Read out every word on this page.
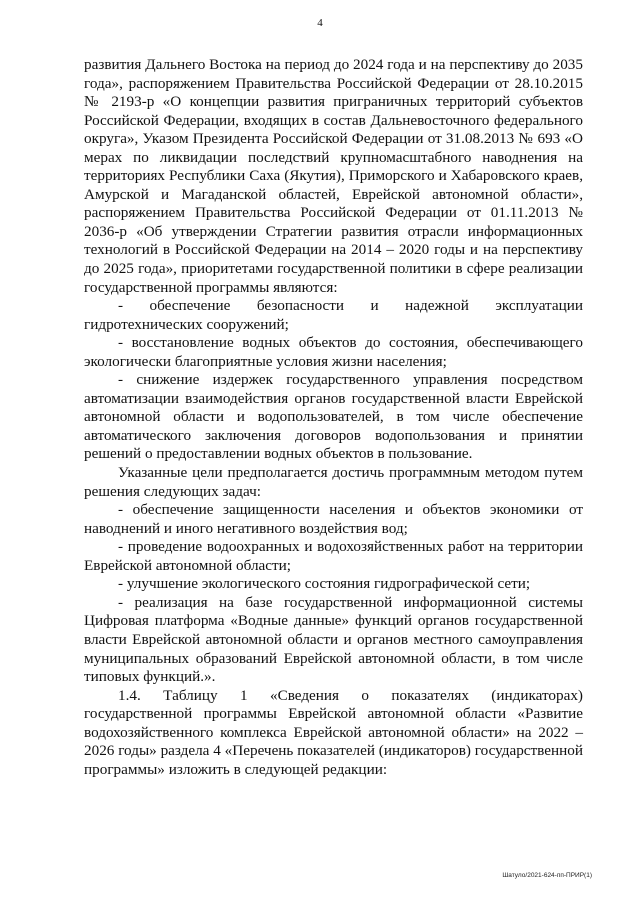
4

развития Дальнего Востока на период до 2024 года и на перспективу до 2035 года», распоряжением Правительства Российской Федерации от 28.10.2015 № 2193-р «О концепции развития приграничных территорий субъектов Российской Федерации, входящих в состав Дальневосточного федерального округа», Указом Президента Российской Федерации от 31.08.2013 № 693 «О мерах по ликвидации последствий крупномасштабного наводнения на территориях Республики Саха (Якутия), Приморского и Хабаровского краев, Амурской и Магаданской областей, Еврейской автономной области», распоряжением Правительства Российской Федерации от 01.11.2013 № 2036-р «Об утверждении Стратегии развития отрасли информационных технологий в Российской Федерации на 2014 – 2020 годы и на перспективу до 2025 года», приоритетами государственной политики в сфере реализации государственной программы являются:

- обеспечение безопасности и надежной эксплуатации гидротехнических сооружений;

- восстановление водных объектов до состояния, обеспечивающего экологически благоприятные условия жизни населения;

- снижение издержек государственного управления посредством автоматизации взаимодействия органов государственной власти Еврейской автономной области и водопользователей, в том числе обеспечение автоматического заключения договоров водопользования и принятии решений о предоставлении водных объектов в пользование.

Указанные цели предполагается достичь программным методом путем решения следующих задач:

- обеспечение защищенности населения и объектов экономики от наводнений и иного негативного воздействия вод;

- проведение водоохранных и водохозяйственных работ на территории Еврейской автономной области;

- улучшение экологического состояния гидрографической сети;

- реализация на базе государственной информационной системы Цифровая платформа «Водные данные» функций органов государственной власти Еврейской автономной области и органов местного самоуправления муниципальных образований Еврейской автономной области, в том числе типовых функций.».

1.4. Таблицу 1 «Сведения о показателях (индикаторах) государственной программы Еврейской автономной области «Развитие водохозяйственного комплекса Еврейской автономной области» на 2022 – 2026 годы» раздела 4 «Перечень показателей (индикаторов) государственной программы» изложить в следующей редакции:

Шатуло/2021-624-пп-ПРИР(1)
